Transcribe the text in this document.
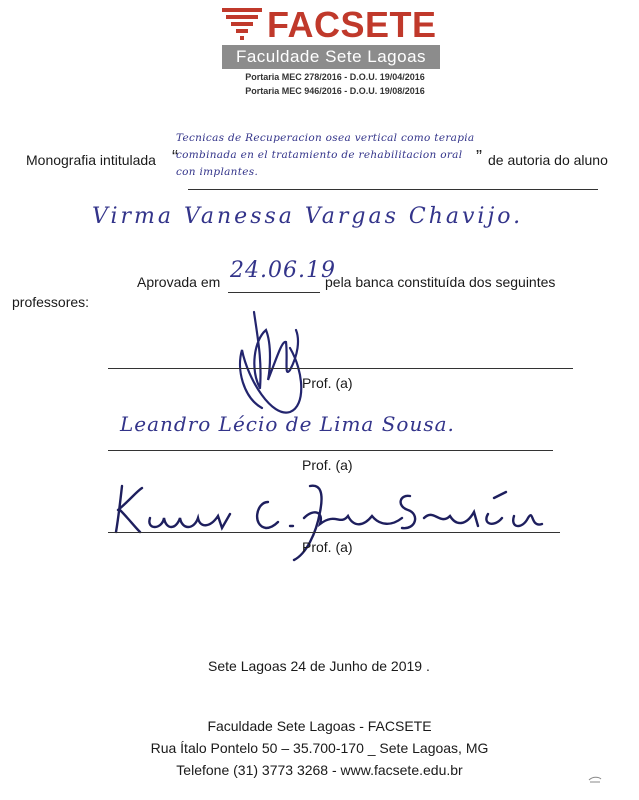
FACSETE
Faculdade Sete Lagoas
Portaria MEC 278/2016 - D.O.U. 19/04/2016
Portaria MEC 946/2016 - D.O.U. 19/08/2016
Monografia intitulada “
Tecnicas de Recuperacion osea vertical como terapia combinada en el tratamiento de rehabilitacion oral con implantes.
” de autoria do aluno
Virma Vanessa Vargas Chavijo.
Aprovada em 24.06.19
pela banca constituída dos seguintes
professores:
Prof. (a)
Leandro Lécio de Lima Sousa.
Prof. (a)
Prof. (a)
Sete Lagoas 24 de Junho de 2019 .
Faculdade Sete Lagoas - FACSETE
Rua Ítalo Pontelo 50 – 35.700-170 _ Sete Lagoas, MG
Telefone (31) 3773 3268 - www.facsete.edu.br
